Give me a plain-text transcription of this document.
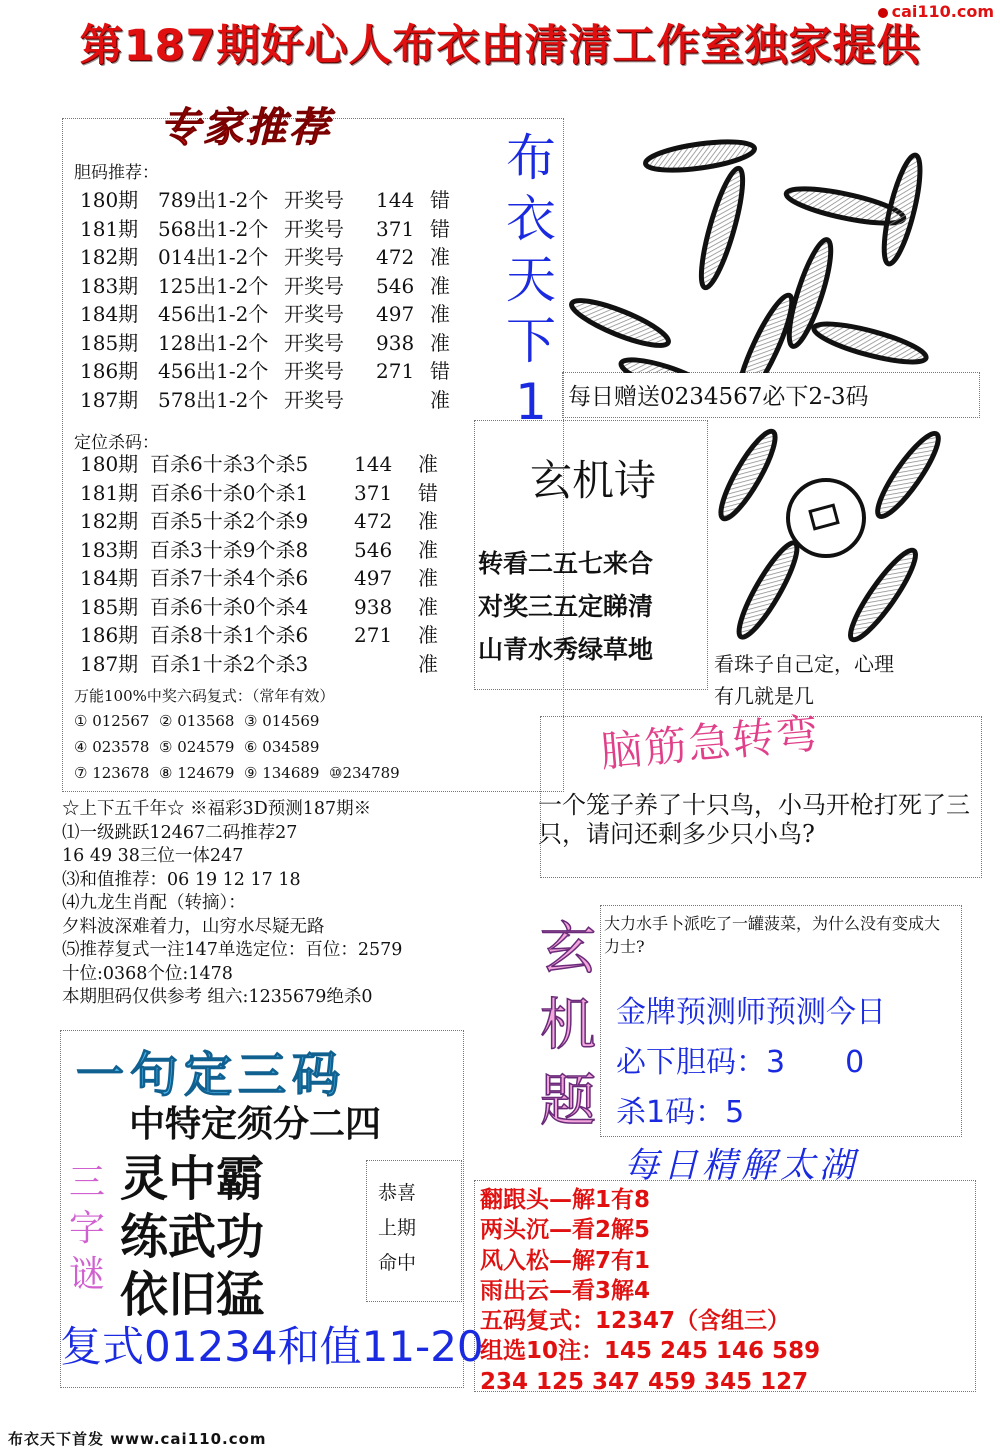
cai110.com
第187期好心人布衣由清清工作室独家提供
专家推荐
胆码推荐：
180期 789出1-2个 开奖号 144 错
181期 568出1-2个 开奖号 371 错
182期 014出1-2个 开奖号 472 准
183期 125出1-2个 开奖号 546 准
184期 456出1-2个 开奖号 497 准
185期 128出1-2个 开奖号 938 准
186期 456出1-2个 开奖号 271 错
187期 578出1-2个 开奖号	准
定位杀码：
180期 百杀6十杀3个杀5 144 准
181期 百杀6十杀0个杀1 371 错
182期 百杀5十杀2个杀9 472 准
183期 百杀3十杀9个杀8 546 准
184期 百杀7十杀4个杀6 497 准
185期 百杀6十杀0个杀4 938 准
186期 百杀8十杀1个杀6 271 准
187期 百杀1十杀2个杀3	准
万能100%中奖六码复式：（常年有效）
① 012567 ② 013568 ③ 014569
④ 023578 ⑤ 024579 ⑥ 034589
⑦ 123678 ⑧ 124679 ⑨ 134689 ⑩234789
☆上下五千年☆ ※福彩3D预测187期※
⑴一级跳跃12467二码推荐27
16 49 38三位一体247
⑶和值推荐：06 19 12 17 18
⑷九龙生肖配（转摘）：
夕料波深难着力，山穷水尽疑无路
⑸推荐复式一注147单选定位：百位：2579
十位:0368个位:1478
本期胆码仅供参考 组六:1235679绝杀0
布
衣
天
下
1 每日赠送0234567必下2-3码
玄机诗
转看二五七来合
对奖三五定睇清
山青水秀绿草地	看珠子自己定，心理
有几就是几
脑筋急转弯
一个笼子养了十只鸟，小马开枪打死了三只，请问还剩多少只小鸟?
玄
机
题
大力水手卜派吃了一罐菠菜，为什么没有变成大力士?
金牌预测师预测今日
必下胆码：3　　0
杀1码：5
每日精解太湖
翻跟头—解1有8
两头沉—看2解5
风入松—解7有1
雨出云—看3解4
五码复式：12347（含组三）
组选10注：145 245 146 589
234 125 347 459 345 127
一句定三码
中特定须分二四
三
字
谜
灵中霸
练武功
依旧猛
恭喜
上期
命中
复式01234和值11-20
布衣天下首发 www.cai110.com
